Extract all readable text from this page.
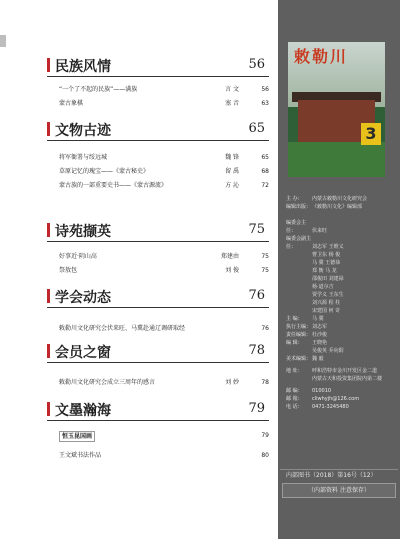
民族风情	56
“一个了不起的民族”——满族	言 文	56
蒙古象棋	塞 音	63
文物古迹	65
将军衙署与绥远城	魏 锋	65
草原记忆的瑰宝——《蒙古秘史》	留 禹	68
蒙古族的一部重要史书——《蒙古源流》	方 沁	72
诗苑撷英	75
好事近·阴山高	郑建由	75
祭敖包	刘 俊	75
学会动态	76
敕勒川文化研究会伏来旺、马冀赴通辽调研取经	76
会员之窗	78
敕勒川文化研究会成立三周年的感言	刘 妙	78
文墨瀚海	79
恒玉昆国画	79
王文斌书法作品	80
敕勒川
3
主 办： 内蒙古敕勒川文化研究会
编辑出版：《敕勒川文化》编辑部
编委会主任：	伏来旺
编委会副主任：	刘志军 王维义
曹卫东 杨 俊
马 冀 王德恭
郑 衡 马 龙
邵俊田 刘建禄
杨·道尔吉
贾学义 王东生
刘兴源 程 柱
宋建国 何 奇
主 编： 马 冀
执行主编：刘志军
责任编辑：杜沙俊
编 辑： 王晓艳
吴俊英 乔向阳
美术编辑：魏 毅
地 址： 呼和浩特市金川开发区金二道
内蒙古天和投资集团院内第二楼
邮 编： 010010
邮 箱： cliwhyjh@126.com
电 话： 0471-3245480
内部图书（2018）第16号（12）
（内部资料 注意保存）
